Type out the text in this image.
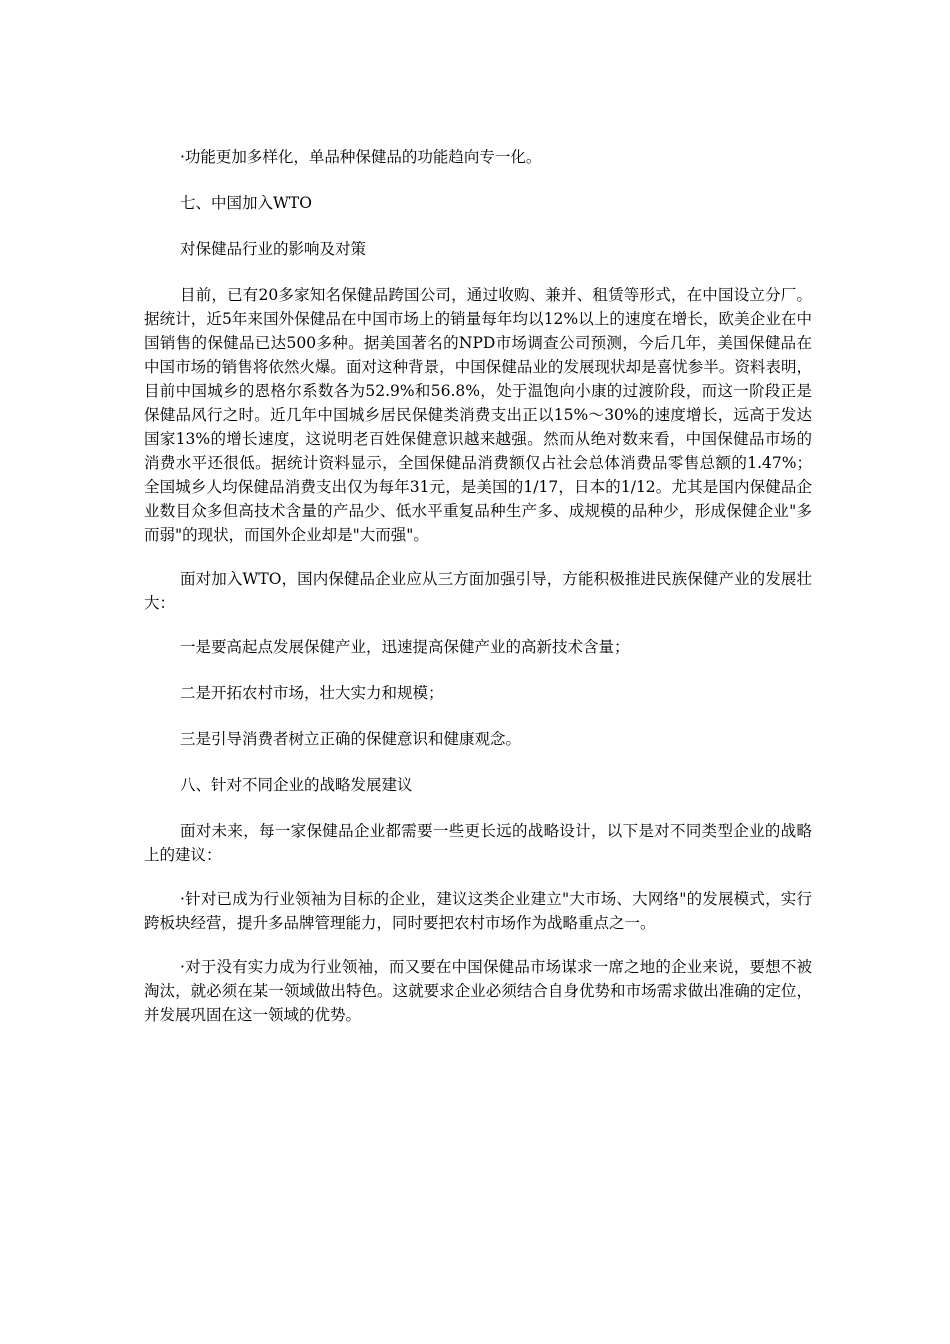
·功能更加多样化，单品种保健品的功能趋向专一化。

七、中国加入WTO

对保健品行业的影响及对策

目前，已有20多家知名保健品跨国公司，通过收购、兼并、租赁等形式，在中国设立分厂。据统计，近5年来国外保健品在中国市场上的销量每年均以12%以上的速度在增长，欧美企业在中国销售的保健品已达500多种。据美国著名的NPD市场调查公司预测，今后几年，美国保健品在中国市场的销售将依然火爆。面对这种背景，中国保健品业的发展现状却是喜忧参半。资料表明，目前中国城乡的恩格尔系数各为52.9%和56.8%，处于温饱向小康的过渡阶段，而这一阶段正是保健品风行之时。近几年中国城乡居民保健类消费支出正以15%～30%的速度增长，远高于发达国家13%的增长速度，这说明老百姓保健意识越来越强。然而从绝对数来看，中国保健品市场的消费水平还很低。据统计资料显示，全国保健品消费额仅占社会总体消费品零售总额的1.47%；全国城乡人均保健品消费支出仅为每年31元，是美国的1/17，日本的1/12。尤其是国内保健品企业数目众多但高技术含量的产品少、低水平重复品种生产多、成规模的品种少，形成保健企业"多而弱"的现状，而国外企业却是"大而强"。

面对加入WTO，国内保健品企业应从三方面加强引导，方能积极推进民族保健产业的发展壮大：

一是要高起点发展保健产业，迅速提高保健产业的高新技术含量；

二是开拓农村市场，壮大实力和规模；

三是引导消费者树立正确的保健意识和健康观念。

八、针对不同企业的战略发展建议

面对未来，每一家保健品企业都需要一些更长远的战略设计，以下是对不同类型企业的战略上的建议：

·针对已成为行业领袖为目标的企业，建议这类企业建立"大市场、大网络"的发展模式，实行跨板块经营，提升多品牌管理能力，同时要把农村市场作为战略重点之一。

·对于没有实力成为行业领袖，而又要在中国保健品市场谋求一席之地的企业来说，要想不被淘汰，就必须在某一领域做出特色。这就要求企业必须结合自身优势和市场需求做出准确的定位，并发展巩固在这一领域的优势。
